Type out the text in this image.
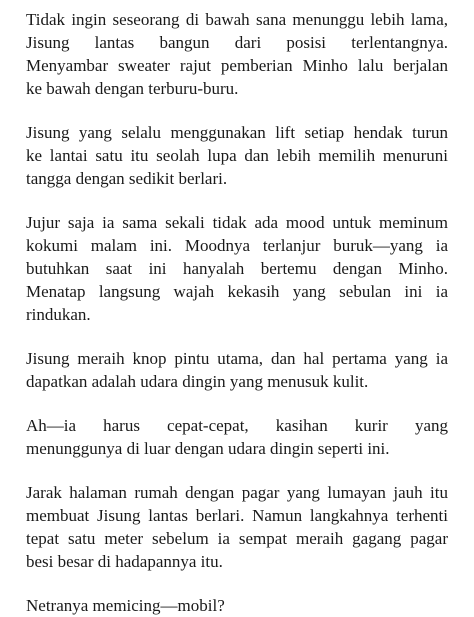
Tidak ingin seseorang di bawah sana menunggu lebih lama,
Jisung lantas bangun dari posisi terlentangnya.
Menyambar sweater rajut pemberian Minho lalu berjalan
ke bawah dengan terburu-buru.

Jisung yang selalu menggunakan lift setiap hendak turun
ke lantai satu itu seolah lupa dan lebih memilih menuruni
tangga dengan sedikit berlari.

Jujur saja ia sama sekali tidak ada mood untuk meminum
kokumi malam ini. Moodnya terlanjur buruk—yang ia
butuhkan saat ini hanyalah bertemu dengan Minho.
Menatap langsung wajah kekasih yang sebulan ini ia
rindukan.

Jisung meraih knop pintu utama, dan hal pertama yang ia
dapatkan adalah udara dingin yang menusuk kulit.

Ah—ia harus cepat-cepat, kasihan kurir yang
menunggunya di luar dengan udara dingin seperti ini.

Jarak halaman rumah dengan pagar yang lumayan jauh itu
membuat Jisung lantas berlari. Namun langkahnya terhenti
tepat satu meter sebelum ia sempat meraih gagang pagar
besi besar di hadapannya itu.

Netranya memicing—mobil?
